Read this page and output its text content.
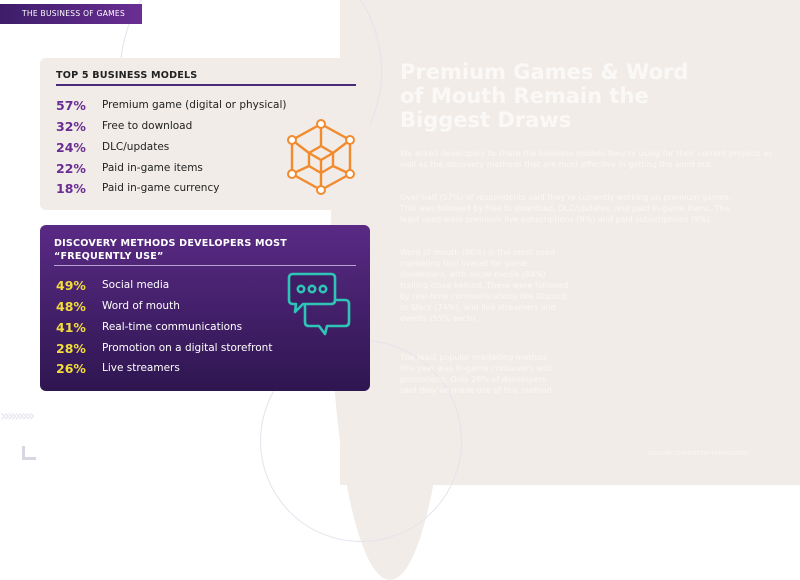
THE BUSINESS OF GAMES
TOP 5 BUSINESS MODELS
57%	Premium game (digital or physical)
32%	Free to download
24%	DLC/updates
22%	Paid in-game items
18%	Paid in-game currency
DISCOVERY METHODS DEVELOPERS MOST “FREQUENTLY USE”
49%	Social media
48%	Word of mouth
41%	Real-time communications
28%	Promotion on a digital storefront
26%	Live streamers
Premium Games & Word of Mouth Remain the Biggest Draws

We asked developers to share the business models they’re using for their current projects as well as the discovery methods that are most effective in getting the word out.

Over half (57%) of respondents said they’re currently working on premium games. This was followed by free to download, DLC/updates, and paid in-game items. The least used were premium live subscriptions (9%) and paid subscriptions (9%).

Word of mouth (86%) is the most used marketing tool overall for game developers, with social media (84%) trailing close behind. These were followed by real-time communications like Discord or Slack (74%), and live streamers and events (55% each).

The least popular marketing method this year was in-game crossovers and promotions. Only 28% of developers said they’ve made use of this method.

GDCONF.COM/STATEOFTHEINDUSTRY
›››››››››
